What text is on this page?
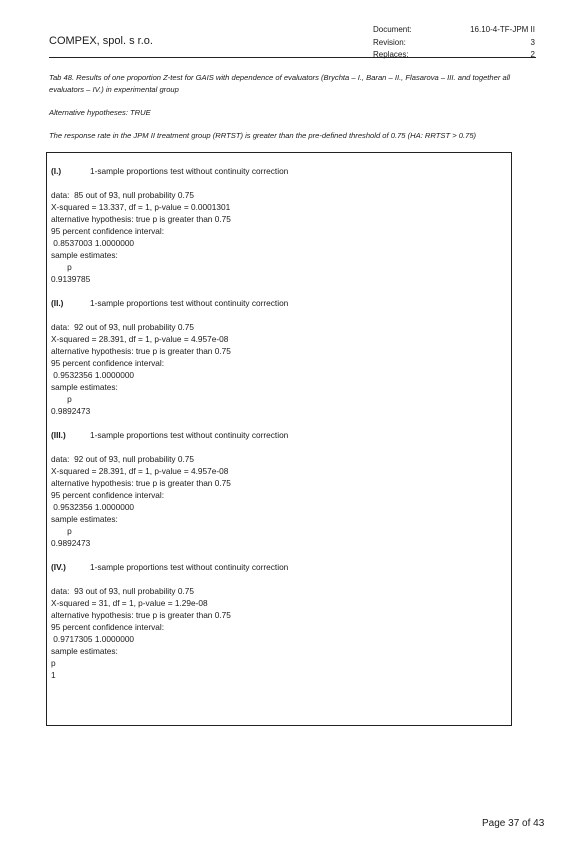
COMPEX, spol. s r.o.
Document:	16.10-4-TF-JPM II
Revision:	3
Replaces:	2
Tab 48. Results of one proportion Z-test for GAIS with dependence of evaluators (Brychta – I., Baran – II., Flasarova – III. and together all evaluators – IV.) in experimental group
Alternative hypotheses: TRUE
The response rate in the JPM II treatment group (RRTST) is greater than the pre-defined threshold of 0.75 (HA: RRTST > 0.75)
(I.)	1-sample proportions test without continuity correction
data:  85 out of 93, null probability 0.75
X-squared = 13.337, df = 1, p-value = 0.0001301
alternative hypothesis: true p is greater than 0.75
95 percent confidence interval:
0.8537003 1.0000000
sample estimates:
p
0.9139785
(II.)	1-sample proportions test without continuity correction
data:  92 out of 93, null probability 0.75
X-squared = 28.391, df = 1, p-value = 4.957e-08
alternative hypothesis: true p is greater than 0.75
95 percent confidence interval:
0.9532356 1.0000000
sample estimates:
p
0.9892473
(III.)	1-sample proportions test without continuity correction
data:  92 out of 93, null probability 0.75
X-squared = 28.391, df = 1, p-value = 4.957e-08
alternative hypothesis: true p is greater than 0.75
95 percent confidence interval:
0.9532356 1.0000000
sample estimates:
p
0.9892473
(IV.)	1-sample proportions test without continuity correction
data:  93 out of 93, null probability 0.75
X-squared = 31, df = 1, p-value = 1.29e-08
alternative hypothesis: true p is greater than 0.75
95 percent confidence interval:
0.9717305 1.0000000
sample estimates:
p
1
Page 37 of 43
